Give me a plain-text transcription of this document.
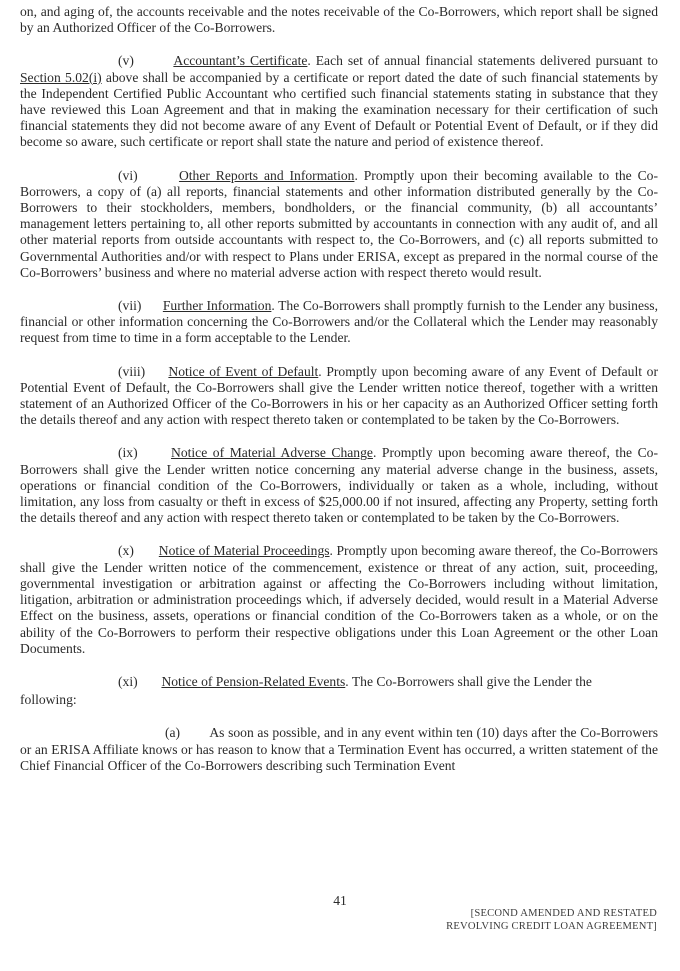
on, and aging of, the accounts receivable and the notes receivable of the Co-Borrowers, which report shall be signed by an Authorized Officer of the Co-Borrowers.

(v)	Accountant’s Certificate. Each set of annual financial statements delivered pursuant to Section 5.02(i) above shall be accompanied by a certificate or report dated the date of such financial statements by the Independent Certified Public Accountant who certified such financial statements stating in substance that they have reviewed this Loan Agreement and that in making the examination necessary for their certification of such financial statements they did not become aware of any Event of Default or Potential Event of Default, or if they did become so aware, such certificate or report shall state the nature and period of existence thereof.

(vi)	Other Reports and Information. Promptly upon their becoming available to the Co-Borrowers, a copy of (a) all reports, financial statements and other information distributed generally by the Co-Borrowers to their stockholders, members, bondholders, or the financial community, (b) all accountants’ management letters pertaining to, all other reports submitted by accountants in connection with any audit of, and all other material reports from outside accountants with respect to, the Co-Borrowers, and (c) all reports submitted to Governmental Authorities and/or with respect to Plans under ERISA, except as prepared in the normal course of the Co-Borrowers’ business and where no material adverse action with respect thereto would result.

(vii) Further Information. The Co-Borrowers shall promptly furnish to the Lender any business, financial or other information concerning the Co-Borrowers and/or the Collateral which the Lender may reasonably request from time to time in a form acceptable to the Lender.

(viii) Notice of Event of Default. Promptly upon becoming aware of any Event of Default or Potential Event of Default, the Co-Borrowers shall give the Lender written notice thereof, together with a written statement of an Authorized Officer of the Co-Borrowers in his or her capacity as an Authorized Officer setting forth the details thereof and any action with respect thereto taken or contemplated to be taken by the Co-Borrowers.

(ix) Notice of Material Adverse Change. Promptly upon becoming aware thereof, the Co-Borrowers shall give the Lender written notice concerning any material adverse change in the business, assets, operations or financial condition of the Co-Borrowers, individually or taken as a whole, including, without limitation, any loss from casualty or theft in excess of $25,000.00 if not insured, affecting any Property, setting forth the details thereof and any action with respect thereto taken or contemplated to be taken by the Co-Borrowers.

(x) Notice of Material Proceedings. Promptly upon becoming aware thereof, the Co-Borrowers shall give the Lender written notice of the commencement, existence or threat of any action, suit, proceeding, governmental investigation or arbitration against or affecting the Co-Borrowers including without limitation, litigation, arbitration or administration proceedings which, if adversely decided, would result in a Material Adverse Effect on the business, assets, operations or financial condition of the Co-Borrowers taken as a whole, or on the ability of the Co-Borrowers to perform their respective obligations under this Loan Agreement or the other Loan Documents.

(xi) Notice of Pension-Related Events. The Co-Borrowers shall give the Lender the

following:

(a) As soon as possible, and in any event within ten (10) days after the Co-Borrowers or an ERISA Affiliate knows or has reason to know that a Termination Event has occurred, a written statement of the Chief Financial Officer of the Co-Borrowers describing such Termination Event

41
[SECOND AMENDED AND RESTATED
REVOLVING CREDIT LOAN AGREEMENT]
